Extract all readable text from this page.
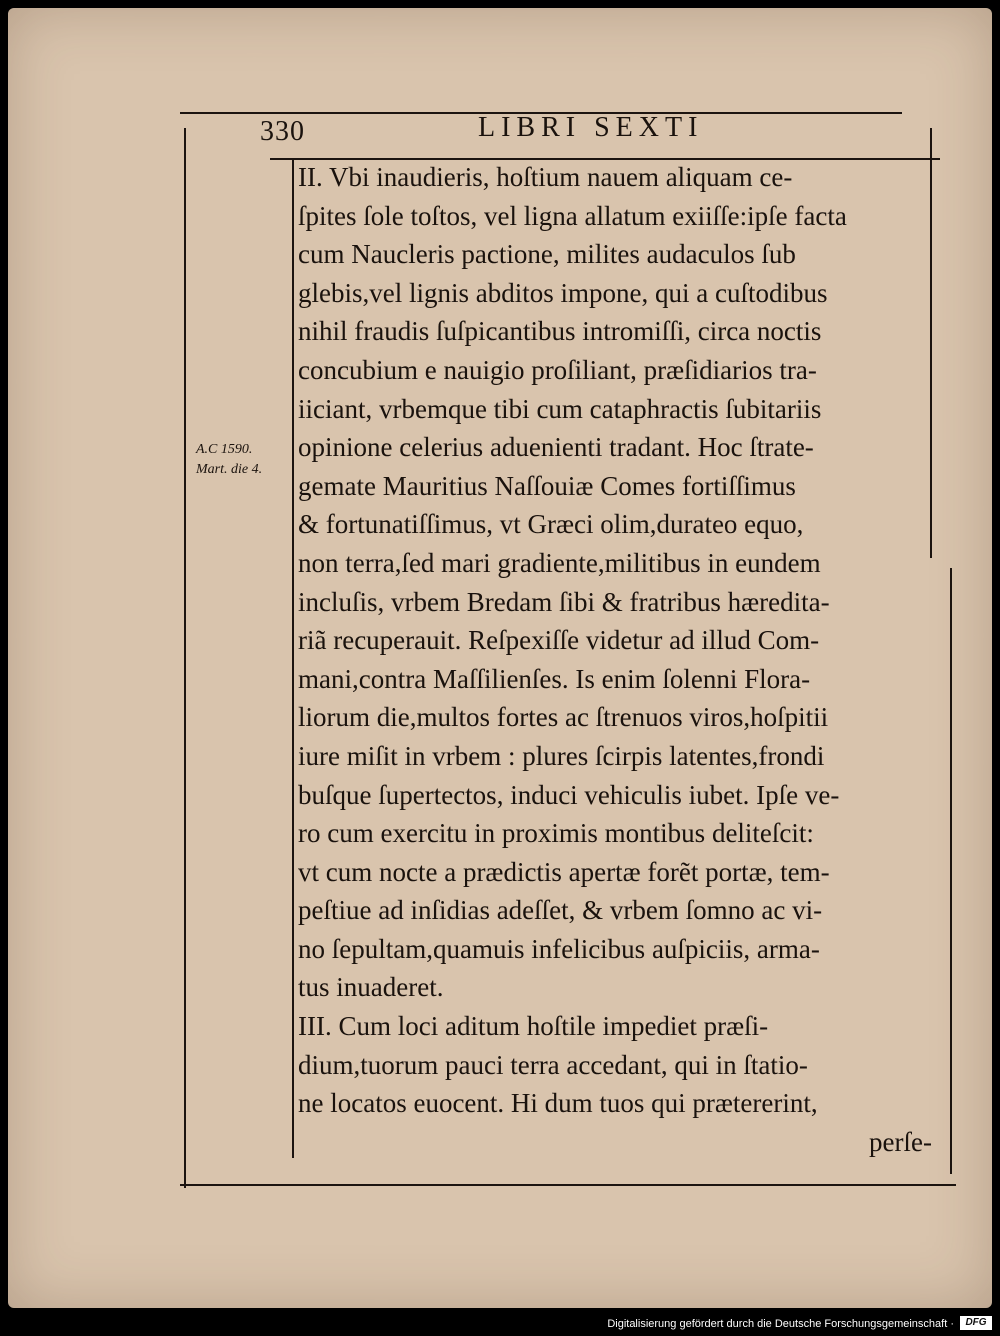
330	LIBRI SEXTI
A.C 1590.
Mart. die 4.
II. Vbi inaudieris, hoſtium nauem aliquam ce-
ſpites ſole toſtos, vel ligna allatum exiiſſe:ipſe facta
cum Naucleris pactione, milites audaculos ſub
glebis,vel lignis abditos impone, qui a cuſtodibus
nihil fraudis ſuſpicantibus intromiſſi, circa noctis
concubium e nauigio proſiliant, præſidiarios tra-
iiciant, vrbemque tibi cum cataphractis ſubitariis
opinione celerius aduenienti tradant. Hoc ſtrate-
gemate Mauritius Naſſouiæ Comes fortiſſimus
& fortunatiſſimus, vt Græci olim,durateo equo,
non terra,ſed mari gradiente,militibus in eundem
incluſis, vrbem Bredam ſibi & fratribus hæredita-
riã recuperauit. Reſpexiſſe videtur ad illud Com-
mani,contra Maſſilienſes. Is enim ſolenni Flora-
liorum die,multos fortes ac ſtrenuos viros,hoſpitii
iure miſit in vrbem : plures ſcirpis latentes,frondi
buſque ſupertectos, induci vehiculis iubet. Ipſe ve-
ro cum exercitu in proximis montibus deliteſcit:
vt cum nocte a prædictis apertæ forẽt portæ, tem-
peſtiue ad inſidias adeſſet, & vrbem ſomno ac vi-
no ſepultam,quamuis infelicibus auſpiciis, arma-
tus inuaderet.
III. Cum loci aditum hoſtile impediet præſi-
dium,tuorum pauci terra accedant, qui in ſtatio-
ne locatos euocent. Hi dum tuos qui prætererint,
perſe-
Digitalisierung gefördert durch die Deutsche Forschungsgemeinschaft ·	DFG
